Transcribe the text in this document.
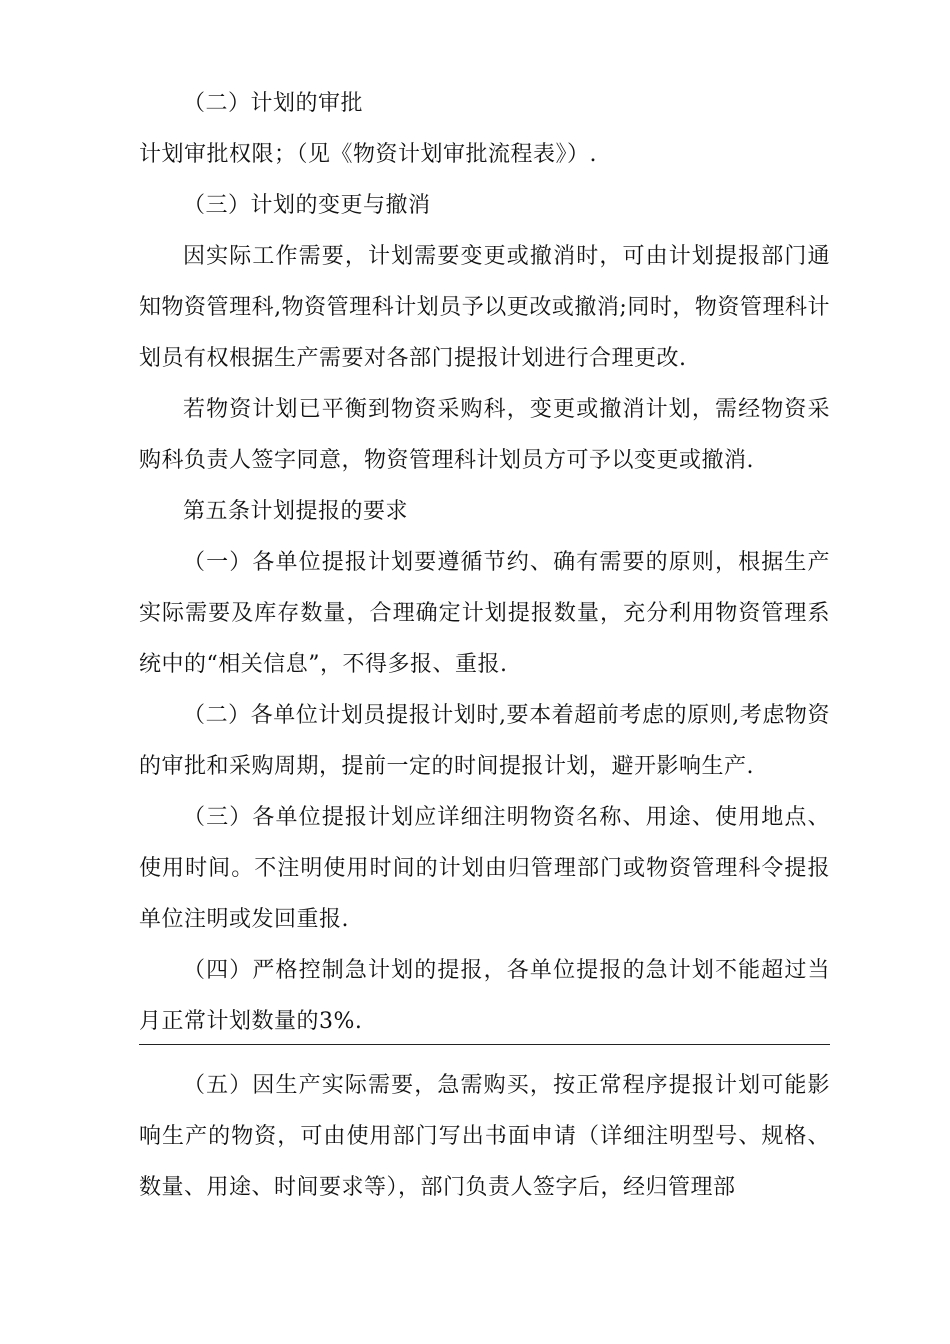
（二）计划的审批

计划审批权限；（见《物资计划审批流程表》）.

（三）计划的变更与撤消

因实际工作需要，计划需要变更或撤消时，可由计划提报部门通知物资管理科,物资管理科计划员予以更改或撤消;同时，物资管理科计划员有权根据生产需要对各部门提报计划进行合理更改.

若物资计划已平衡到物资采购科，变更或撤消计划，需经物资采购科负责人签字同意，物资管理科计划员方可予以变更或撤消.

第五条计划提报的要求

（一）各单位提报计划要遵循节约、确有需要的原则，根据生产实际需要及库存数量，合理确定计划提报数量，充分利用物资管理系统中的“相关信息”，不得多报、重报.

（二）各单位计划员提报计划时,要本着超前考虑的原则,考虑物资的审批和采购周期，提前一定的时间提报计划，避开影响生产.

（三）各单位提报计划应详细注明物资名称、用途、使用地点、使用时间。不注明使用时间的计划由归管理部门或物资管理科令提报单位注明或发回重报.

（四）严格控制急计划的提报，各单位提报的急计划不能超过当月正常计划数量的3%.

（五）因生产实际需要，急需购买，按正常程序提报计划可能影响生产的物资，可由使用部门写出书面申请（详细注明型号、规格、数量、用途、时间要求等），部门负责人签字后，经归管理部
